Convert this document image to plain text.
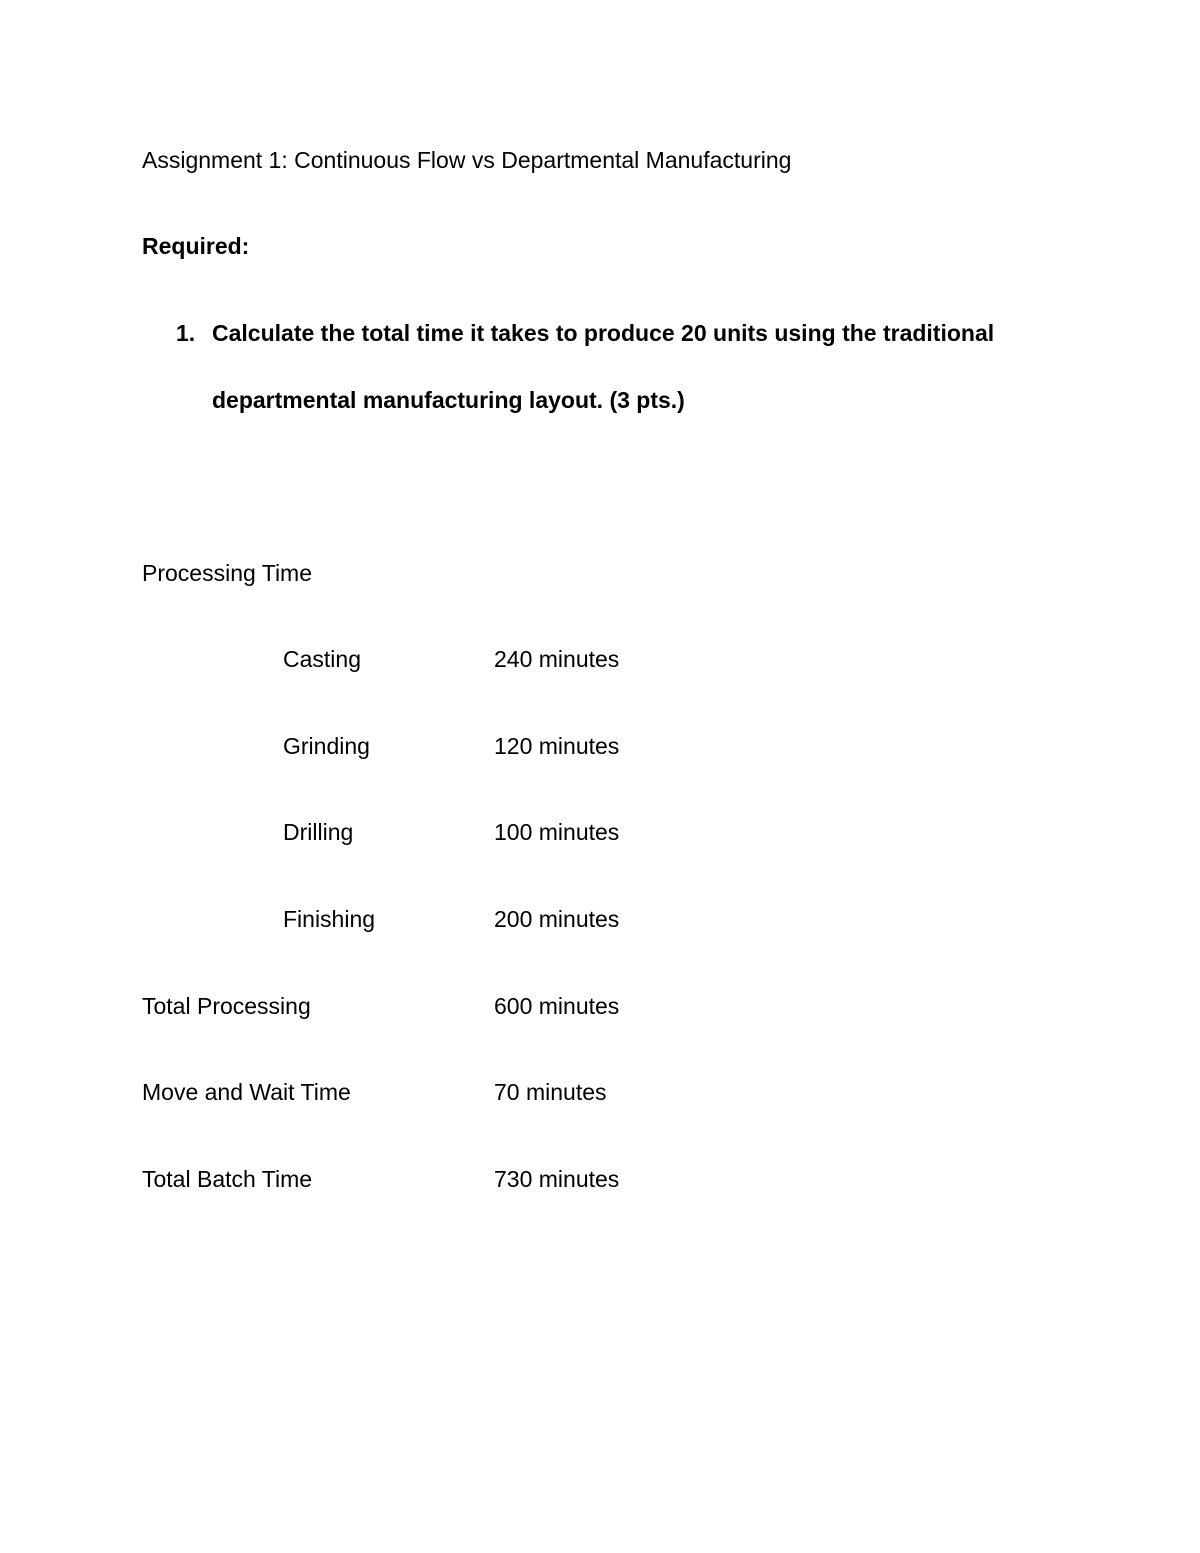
Assignment 1: Continuous Flow vs Departmental Manufacturing
Required:
1. Calculate the total time it takes to produce 20 units using the traditional
departmental manufacturing layout. (3 pts.)
Processing Time
Casting	240 minutes
Grinding	120 minutes
Drilling	100 minutes
Finishing	200 minutes
Total Processing	600 minutes
Move and Wait Time	70 minutes
Total Batch Time	730 minutes
